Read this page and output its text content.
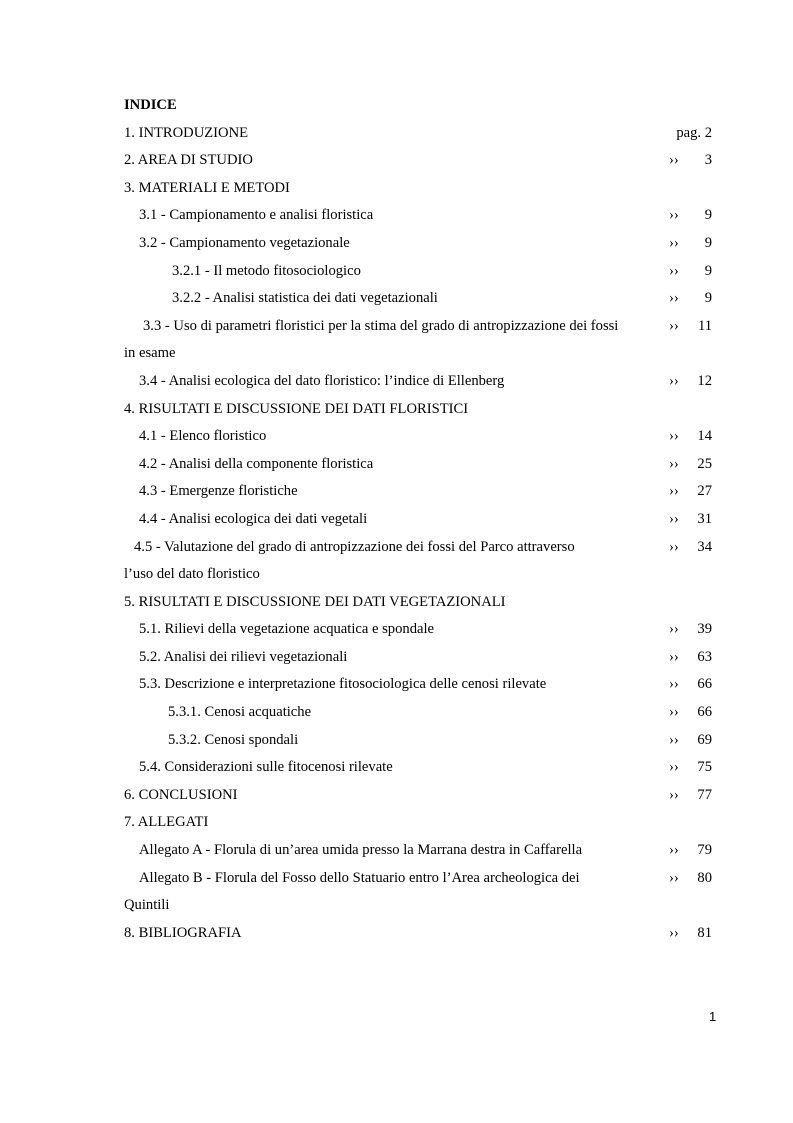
INDICE
1. INTRODUZIONE	pag. 2
2. AREA DI STUDIO	›› 3
3. MATERIALI E METODI
3.1 - Campionamento e analisi floristica	›› 9
3.2 - Campionamento vegetazionale	›› 9
3.2.1 - Il metodo fitosociologico	›› 9
3.2.2 - Analisi statistica dei dati vegetazionali	›› 9
3.3 - Uso di parametri floristici per la stima del grado di antropizzazione dei fossi	›› 11
in esame
3.4 - Analisi ecologica del dato floristico: l’indice di Ellenberg	›› 12
4. RISULTATI E DISCUSSIONE DEI DATI FLORISTICI
4.1 - Elenco floristico	›› 14
4.2 - Analisi della componente floristica	›› 25
4.3 - Emergenze floristiche	›› 27
4.4 - Analisi ecologica dei dati vegetali	›› 31
4.5 - Valutazione del grado di antropizzazione dei fossi del Parco attraverso	›› 34
l’uso del dato floristico
5. RISULTATI E DISCUSSIONE DEI DATI VEGETAZIONALI
5.1. Rilievi della vegetazione acquatica e spondale	›› 39
5.2. Analisi dei rilievi vegetazionali	›› 63
5.3. Descrizione e interpretazione fitosociologica delle cenosi rilevate	›› 66
5.3.1. Cenosi acquatiche	›› 66
5.3.2. Cenosi spondali	›› 69
5.4. Considerazioni sulle fitocenosi rilevate	›› 75
6. CONCLUSIONI	›› 77
7. ALLEGATI
Allegato A - Florula di un’area umida presso la Marrana destra in Caffarella	›› 79
Allegato B - Florula del Fosso dello Statuario entro l’Area archeologica dei	›› 80
Quintili
8. BIBLIOGRAFIA	›› 81
1
